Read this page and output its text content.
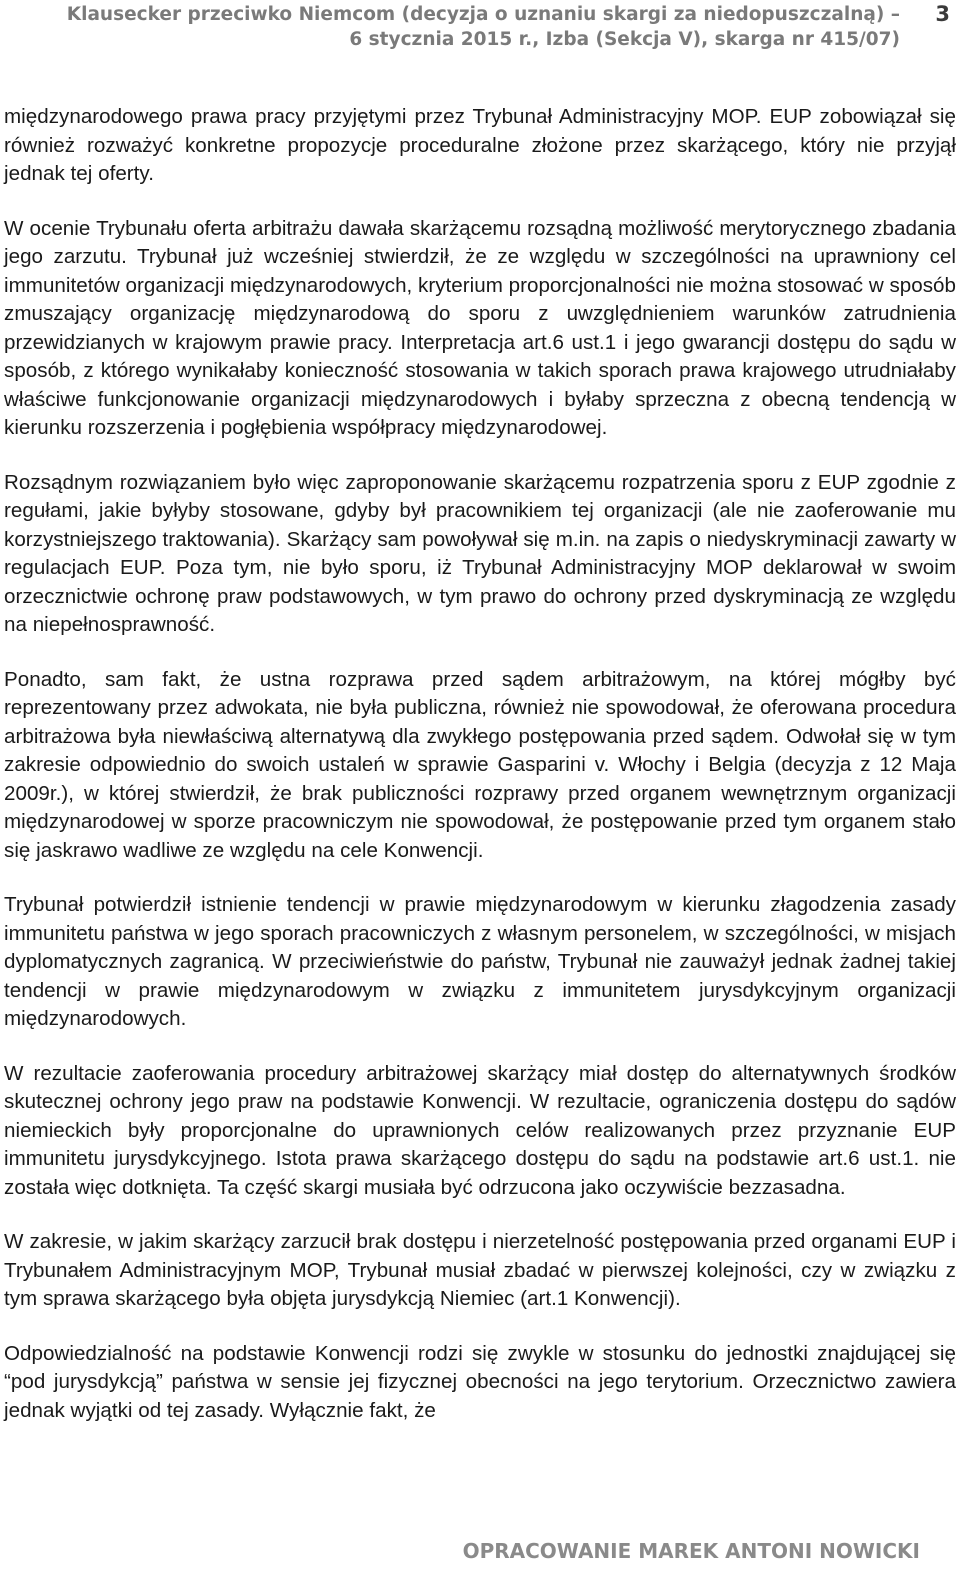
Klausecker przeciwko Niemcom (decyzja o uznaniu skargi za niedopuszczalną) –
6 stycznia 2015 r., Izba (Sekcja V), skarga nr 415/07)
3

międzynarodowego prawa pracy przyjętymi przez Trybunał Administracyjny MOP. EUP zobowiązał się również rozważyć konkretne propozycje proceduralne złożone przez skarżącego, który nie przyjął jednak tej oferty.

W ocenie Trybunału oferta arbitrażu dawała skarżącemu rozsądną możliwość merytorycznego zbadania jego zarzutu. Trybunał już wcześniej stwierdził, że ze względu w szczególności na uprawniony cel immunitetów organizacji międzynarodowych, kryterium proporcjonalności nie można stosować w sposób zmuszający organizację międzynarodową do sporu z uwzględnieniem warunków zatrudnienia przewidzianych w krajowym prawie pracy. Interpretacja art.6 ust.1 i jego gwarancji dostępu do sądu w sposób, z którego wynikałaby konieczność stosowania w takich sporach prawa krajowego utrudniałaby właściwe funkcjonowanie organizacji międzynarodowych i byłaby sprzeczna z obecną tendencją w kierunku rozszerzenia i pogłębienia współpracy międzynarodowej.

Rozsądnym rozwiązaniem było więc zaproponowanie skarżącemu rozpatrzenia sporu z EUP zgodnie z regułami, jakie byłyby stosowane, gdyby był pracownikiem tej organizacji (ale nie zaoferowanie mu korzystniejszego traktowania). Skarżący sam powoływał się m.in. na zapis o niedyskryminacji zawarty w regulacjach EUP. Poza tym, nie było sporu, iż Trybunał Administracyjny MOP deklarował w swoim orzecznictwie ochronę praw podstawowych, w tym prawo do ochrony przed dyskryminacją ze względu na niepełnosprawność.

Ponadto, sam fakt, że ustna rozprawa przed sądem arbitrażowym, na której mógłby być reprezentowany przez adwokata, nie była publiczna, również nie spowodował, że oferowana procedura arbitrażowa była niewłaściwą alternatywą dla zwykłego postępowania przed sądem. Odwołał się w tym zakresie odpowiednio do swoich ustaleń w sprawie Gasparini v. Włochy i Belgia (decyzja z 12 Maja 2009r.), w której stwierdził, że brak publiczności rozprawy przed organem wewnętrznym organizacji międzynarodowej w sporze pracowniczym nie spowodował, że postępowanie przed tym organem stało się jaskrawo wadliwe ze względu na cele Konwencji.

Trybunał potwierdził istnienie tendencji w prawie międzynarodowym w kierunku złagodzenia zasady immunitetu państwa w jego sporach pracowniczych z własnym personelem, w szczególności, w misjach dyplomatycznych zagranicą. W przeciwieństwie do państw, Trybunał nie zauważył jednak żadnej takiej tendencji w prawie międzynarodowym w związku z immunitetem jurysdykcyjnym organizacji międzynarodowych.

W rezultacie zaoferowania procedury arbitrażowej skarżący miał dostęp do alternatywnych środków skutecznej ochrony jego praw na podstawie Konwencji. W rezultacie, ograniczenia dostępu do sądów niemieckich były proporcjonalne do uprawnionych celów realizowanych przez przyznanie EUP immunitetu jurysdykcyjnego. Istota prawa skarżącego dostępu do sądu na podstawie art.6 ust.1. nie została więc dotknięta. Ta część skargi musiała być odrzucona jako oczywiście bezzasadna.

W zakresie, w jakim skarżący zarzucił brak dostępu i nierzetelność postępowania przed organami EUP i Trybunałem Administracyjnym MOP, Trybunał musiał zbadać w pierwszej kolejności, czy w związku z tym sprawa skarżącego była objęta jurysdykcją Niemiec (art.1 Konwencji).

Odpowiedzialność na podstawie Konwencji rodzi się zwykle w stosunku do jednostki znajdującej się “pod jurysdykcją” państwa w sensie jej fizycznej obecności na jego terytorium. Orzecznictwo zawiera jednak wyjątki od tej zasady. Wyłącznie fakt, że

OPRACOWANIE MAREK ANTONI NOWICKI
